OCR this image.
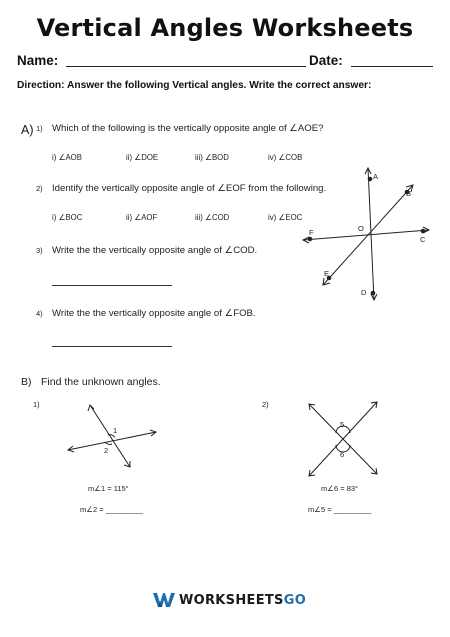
Vertical Angles Worksheets
Name:	Date:
Direction: Answer the following Vertical angles. Write the correct answer:
A) 1) Which of the following is the vertically opposite angle of ∠AOE?
i) ∠AOB	ii) ∠DOE	iii) ∠BOD	iv) ∠COB
2) Identify the vertically opposite angle of ∠EOF from the following.
i) ∠BOC	ii) ∠AOF	iii) ∠COD	iv) ∠EOC
3) Write the the vertically opposite angle of ∠COD.
4) Write the the vertically opposite angle of ∠FOB.
A
B
C
D
E
F	O
B) Find the unknown angles.
1)
1
2
m∠1 = 115°
m∠2 = _________
2)
5
6
m∠6 = 83°
m∠5 = _________
WORKSHEETS GO
